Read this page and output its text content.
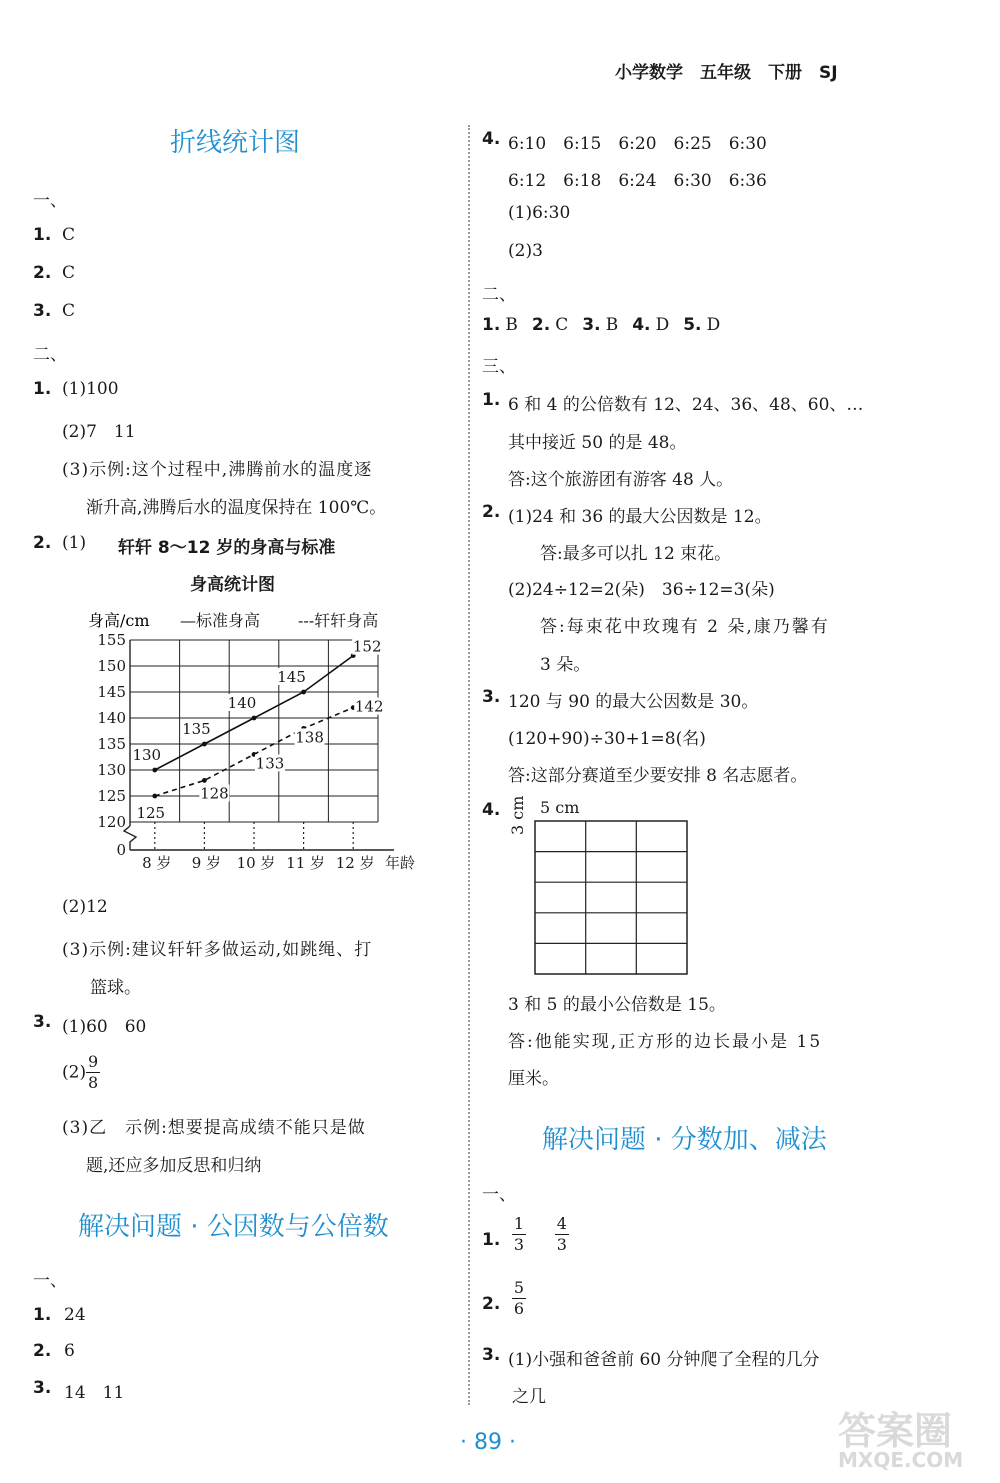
小学数学　五年级　下册　SJ
折线统计图
一、
1. C
2. C
3. C
二、
1. (1)100
(2)7　11
(3)示例:这个过程中,沸腾前水的温度逐
渐升高,沸腾后水的温度保持在 100℃。
2. (1) 轩轩 8～12 岁的身高与标准
身高统计图
身高/cm —标准身高 ---轩轩身高
0
120
125
130
135
140
145
150
155
8 岁 9 岁 10 岁 11 岁 12 岁 年龄
130
135
140
145
152
125
128
133
138
142
(2)12
(3)示例:建议轩轩多做运动,如跳绳、打
篮球。
3. (1)60　60
$(2) \frac{9}{8}$
(3)乙　示例:想要提高成绩不能只是做
题,还应多加反思和归纳
解决问题 · 公因数与公倍数
一、
1. 24
2. 6
3. 14　11
4. 6:10　6:15　6:20　6:25　6:30
6:12　6:18　6:24　6:30　6:36
(1)6:30
(2)3
二、
1. B 2. C 3. B 4. D 5. D
三、
1. 6 和 4 的公倍数有 12、24、36、48、60、…
其中接近 50 的是 48。
答:这个旅游团有游客 48 人。
2. (1)24 和 36 的最大公因数是 12。
答:最多可以扎 12 束花。
(2)24÷12=2(朵)　36÷12=3(朵)
答:每束花中玫瑰有 2 朵,康乃馨有
3 朵。
3. 120 与 90 的最大公因数是 30。
(120+90)÷30+1=8(名)
答:这部分赛道至少要安排 8 名志愿者。
4. 5 cm
3 cm
3 和 5 的最小公倍数是 15。
答:他能实现,正方形的边长最小是 15
厘米。
解决问题 · 分数加、减法
一、
1. $\frac{1}{3}$
$\frac{4}{3}$
2. $\frac{5}{6}$
3. (1)小强和爸爸前 60 分钟爬了全程的几分
之几
· 89 ·	答案圈
MXQE.COM
